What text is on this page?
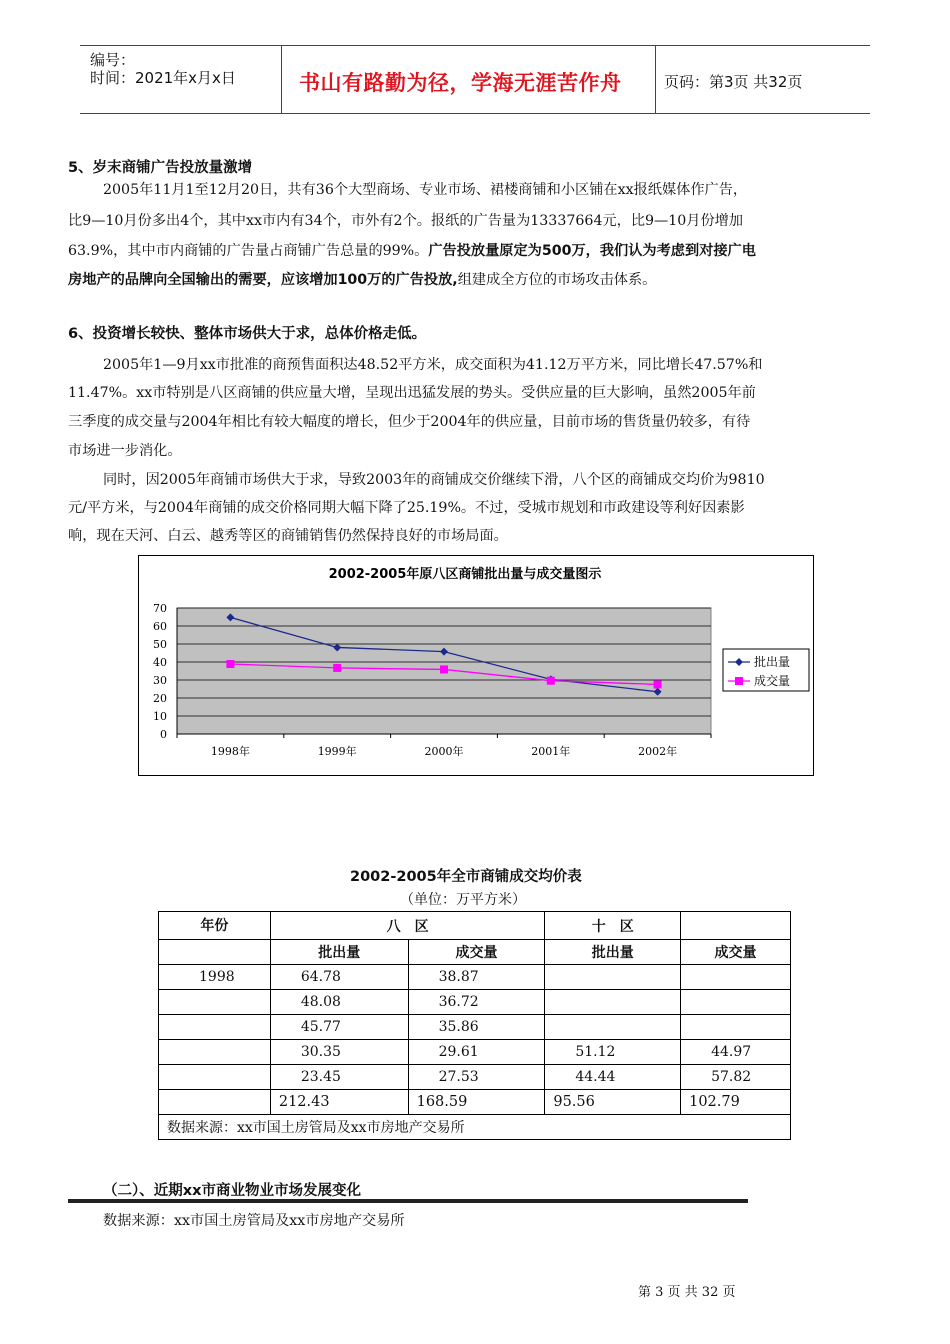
编号：
时间：2021年x月x日	书山有路勤为径，学海无涯苦作舟	页码：第3页 共32页
5、岁末商铺广告投放量激增
2005年11月1至12月20日，共有36个大型商场、专业市场、裙楼商铺和小区铺在xx报纸媒体作广告，
比9—10月份多出4个，其中xx市内有34个，市外有2个。报纸的广告量为13337664元，比9—10月份增加
63.9%，其中市内商铺的广告量占商铺广告总量的99%。广告投放量原定为500万，我们认为考虑到对接广电
房地产的品牌向全国输出的需要，应该增加100万的广告投放,组建成全方位的市场攻击体系。
6、投资增长较快、整体市场供大于求，总体价格走低。
2005年1—9月xx市批准的商预售面积达48.52平方米，成交面积为41.12万平方米，同比增长47.57%和
11.47%。xx市特别是八区商铺的供应量大增，呈现出迅猛发展的势头。受供应量的巨大影响，虽然2005年前
三季度的成交量与2004年相比有较大幅度的增长，但少于2004年的供应量，目前市场的售货量仍较多，有待
市场进一步消化。
同时，因2005年商铺市场供大于求，导致2003年的商铺成交价继续下滑，八个区的商铺成交均价为9810
元/平方米，与2004年商铺的成交价格同期大幅下降了25.19%。不过，受城市规划和市政建设等利好因素影
响，现在天河、白云、越秀等区的商铺销售仍然保持良好的市场局面。
2002-2005年原八区商铺批出量与成交量图示
0
10
20
30
40
50
60
70
1998年	1999年	2000年	2001年	2002年
批出量
成交量
2002-2005年全市商铺成交均价表
（单位：万平方米）
年份	八　区		十　区	
	批出量	成交量	批出量	成交量
1998	64.78	38.87		
	48.08	36.72		
	45.77	35.86		
	30.35	29.61	51.12	44.97
	23.45	27.53	44.44	57.82
	212.43	168.59	95.56	102.79
数据来源：xx市国土房管局及xx市房地产交易所				
（二）、近期xx市商业物业市场发展变化
数据来源：xx市国土房管局及xx市房地产交易所
第 3 页 共 32 页
